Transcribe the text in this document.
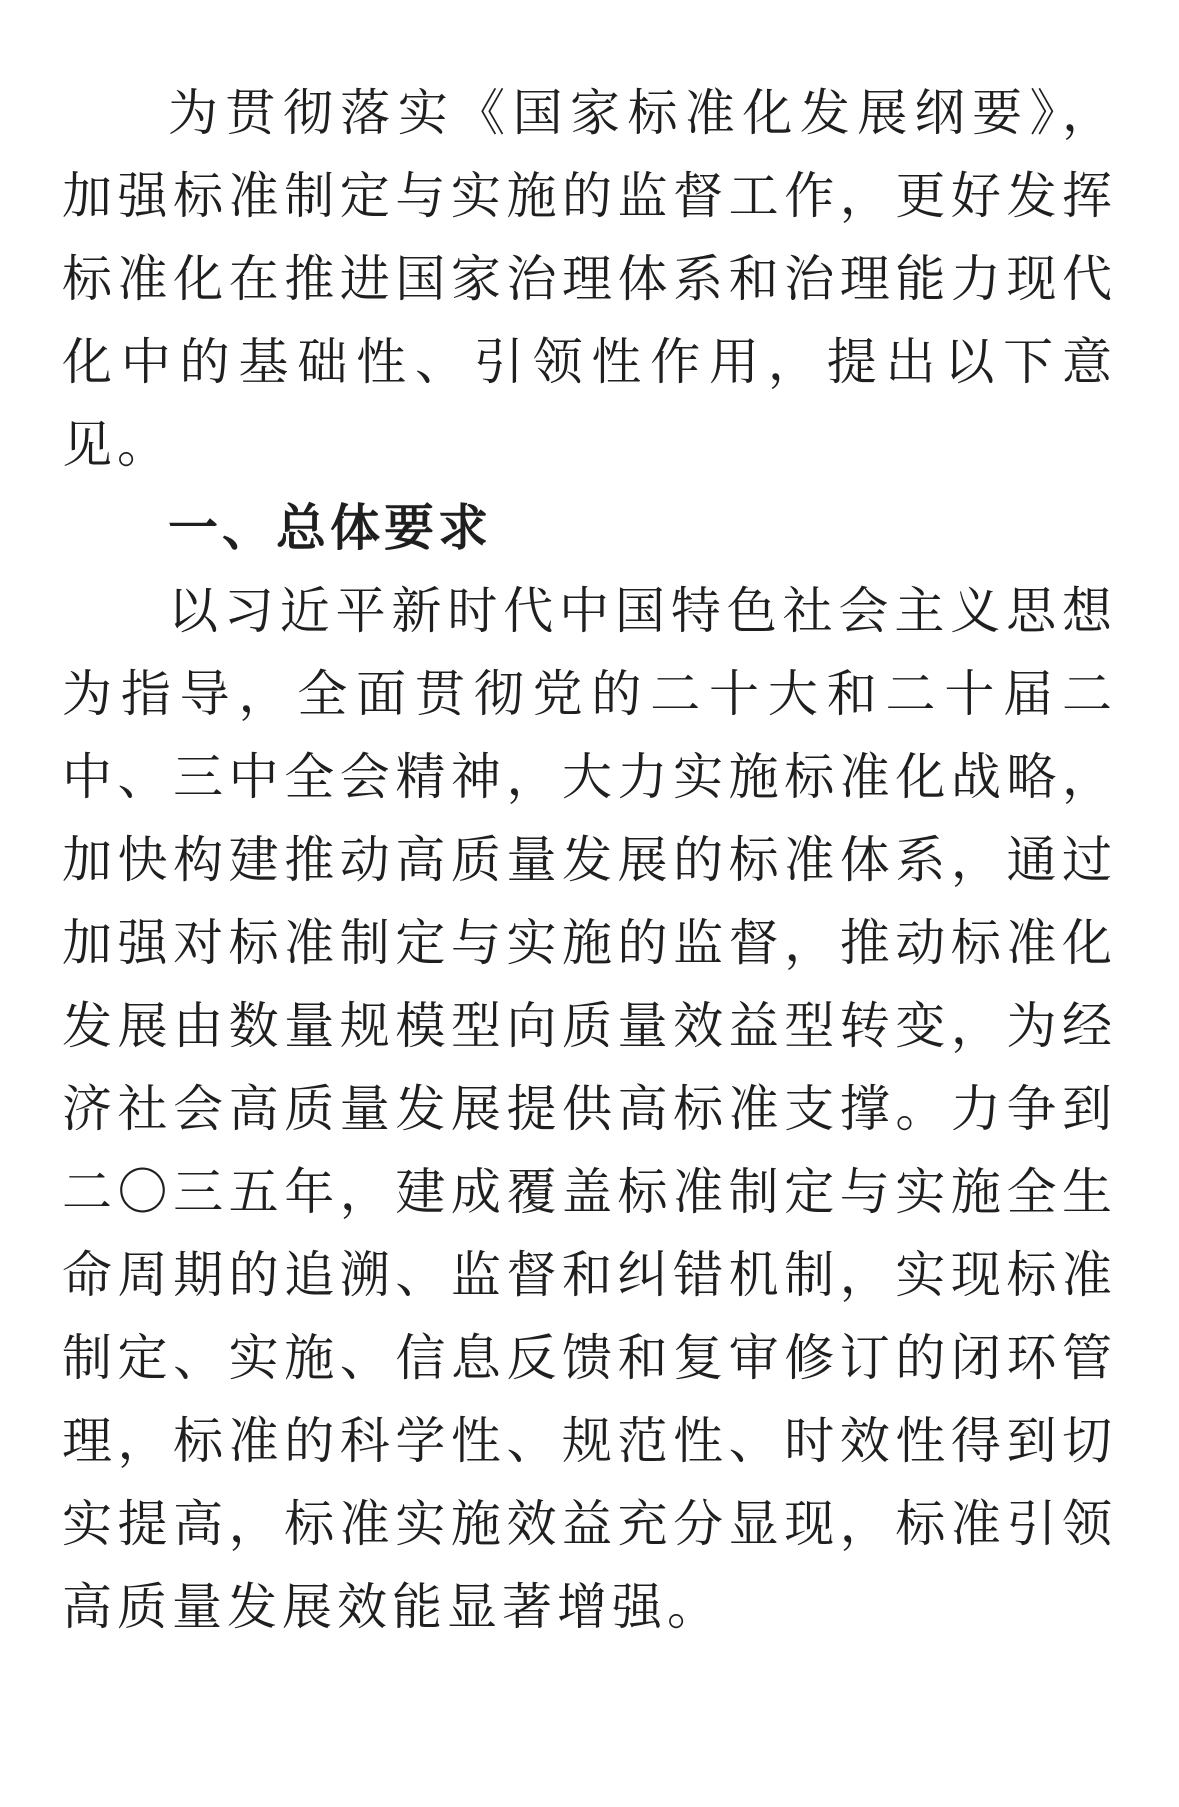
为贯彻落实《国家标准化发展纲要》，加强标准制定与实施的监督工作，更好发挥标准化在推进国家治理体系和治理能力现代化中的基础性、引领性作用，提出以下意见。

一、总体要求

以习近平新时代中国特色社会主义思想为指导，全面贯彻党的二十大和二十届二中、三中全会精神，大力实施标准化战略，加快构建推动高质量发展的标准体系，通过加强对标准制定与实施的监督，推动标准化发展由数量规模型向质量效益型转变，为经济社会高质量发展提供高标准支撑。力争到二〇三五年，建成覆盖标准制定与实施全生命周期的追溯、监督和纠错机制，实现标准制定、实施、信息反馈和复审修订的闭环管理，标准的科学性、规范性、时效性得到切实提高，标准实施效益充分显现，标准引领高质量发展效能显著增强。
